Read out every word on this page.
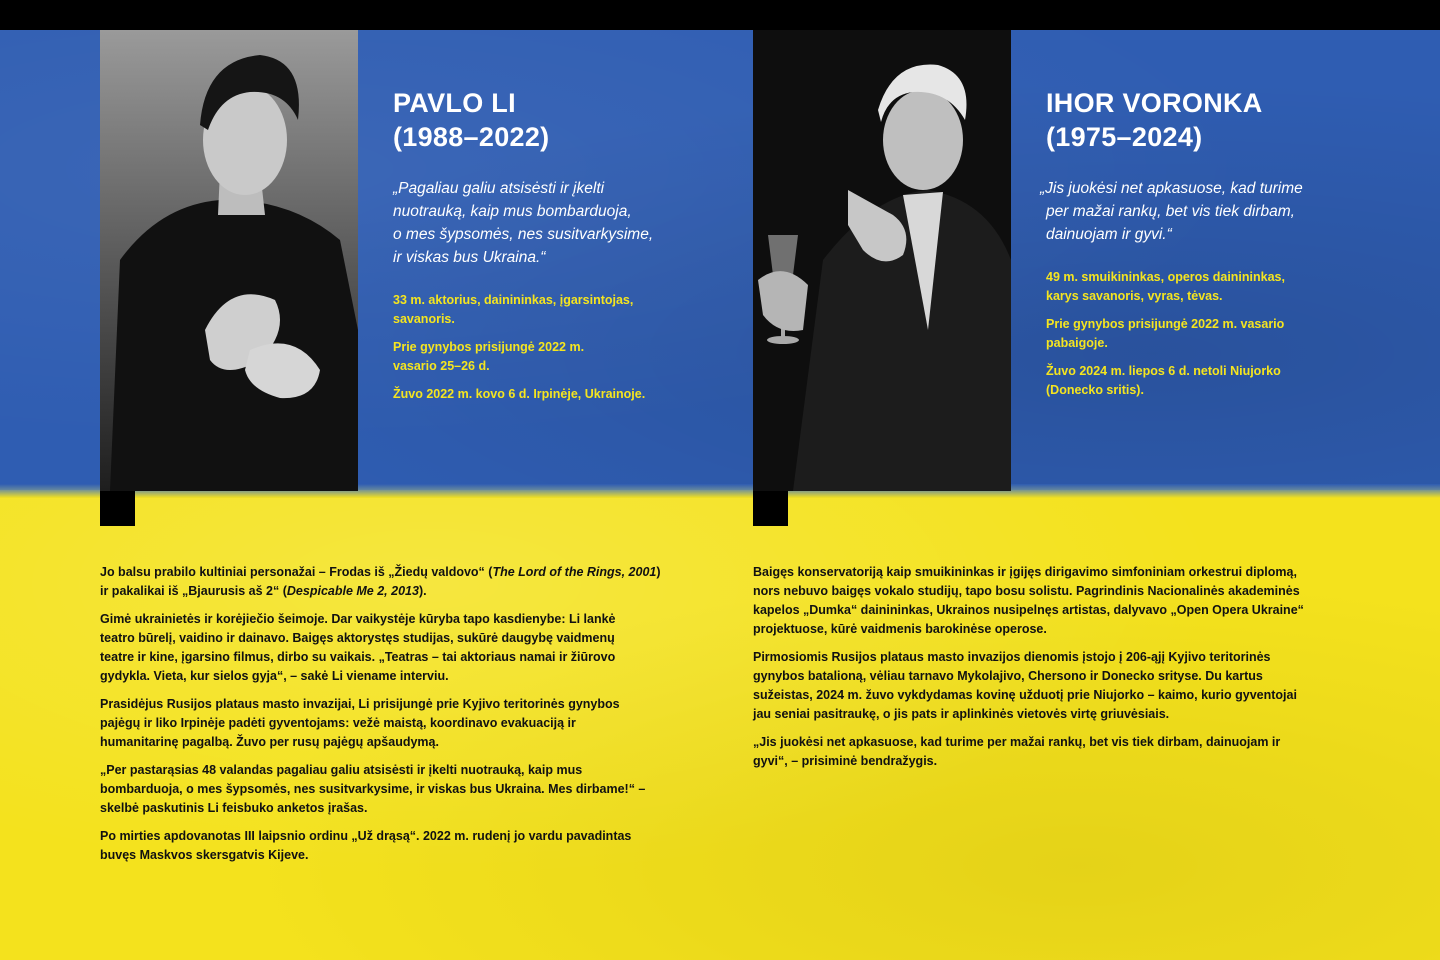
PAVLO LI
(1988–2022)
„Pagaliau galiu atsisėsti ir įkelti
nuotrauką, kaip mus bombarduoja,
o mes šypsomės, nes susitvarkysime,
ir viskas bus Ukraina.“

33 m. aktorius, dainininkas, įgarsintojas,
savanoris.

Prie gynybos prisijungė 2022 m.
vasario 25–26 d.

Žuvo 2022 m. kovo 6 d. Irpinėje, Ukrainoje.

IHOR VORONKA
(1975–2024)
„Jis juokėsi net apkasuose, kad turime
per mažai rankų, bet vis tiek dirbam,
dainuojam ir gyvi.“

49 m. smuikininkas, operos dainininkas,
karys savanoris, vyras, tėvas.

Prie gynybos prisijungė 2022 m. vasario
pabaigoje.

Žuvo 2024 m. liepos 6 d. netoli Niujorko
(Donecko sritis).

Jo balsu prabilo kultiniai personažai – Frodas iš „Žiedų valdovo“ (The Lord of the Rings, 2001)
ir pakalikai iš „Bjaurusis aš 2“ (Despicable Me 2, 2013).

Gimė ukrainietės ir korėjiečio šeimoje. Dar vaikystėje kūryba tapo kasdienybe: Li lankė
teatro būrelį, vaidino ir dainavo. Baigęs aktorystęs studijas, sukūrė daugybę vaidmenų
teatre ir kine, įgarsino filmus, dirbo su vaikais. „Teatras – tai aktoriaus namai ir žiūrovo
gydykla. Vieta, kur sielos gyja“, – sakė Li viename interviu.

Prasidėjus Rusijos plataus masto invazijai, Li prisijungė prie Kyjivo teritorinės gynybos
pajėgų ir liko Irpinėje padėti gyventojams: vežė maistą, koordinavo evakuaciją ir
humanitarinę pagalbą. Žuvo per rusų pajėgų apšaudymą.

„Per pastarąsias 48 valandas pagaliau galiu atsisėsti ir įkelti nuotrauką, kaip mus
bombarduoja, o mes šypsomės, nes susitvarkysime, ir viskas bus Ukraina. Mes dirbame!“ –
skelbė paskutinis Li feisbuko anketos įrašas.

Po mirties apdovanotas III laipsnio ordinu „Už drąsą“. 2022 m. rudenį jo vardu pavadintas
buvęs Maskvos skersgatvis Kijeve.

Baigęs konservatoriją kaip smuikininkas ir įgijęs dirigavimo simfoniniam orkestrui diplomą,
nors nebuvo baigęs vokalo studijų, tapo bosu solistu. Pagrindinis Nacionalinės akademinės
kapelos „Dumka“ dainininkas, Ukrainos nusipelnęs artistas, dalyvavo „Open Opera Ukraine“
projektuose, kūrė vaidmenis barokinėse operose.

Pirmosiomis Rusijos plataus masto invazijos dienomis įstojo į 206-ąjį Kyjivo teritorinės
gynybos batalioną, vėliau tarnavo Mykolajivo, Chersono ir Donecko srityse. Du kartus
sužeistas, 2024 m. žuvo vykdydamas kovinę užduotį prie Niujorko – kaimo, kurio gyventojai
jau seniai pasitraukę, o jis pats ir aplinkinės vietovės virtę griuvėsiais.

„Jis juokėsi net apkasuose, kad turime per mažai rankų, bet vis tiek dirbam, dainuojam ir
gyvi“, – prisiminė bendražygis.
